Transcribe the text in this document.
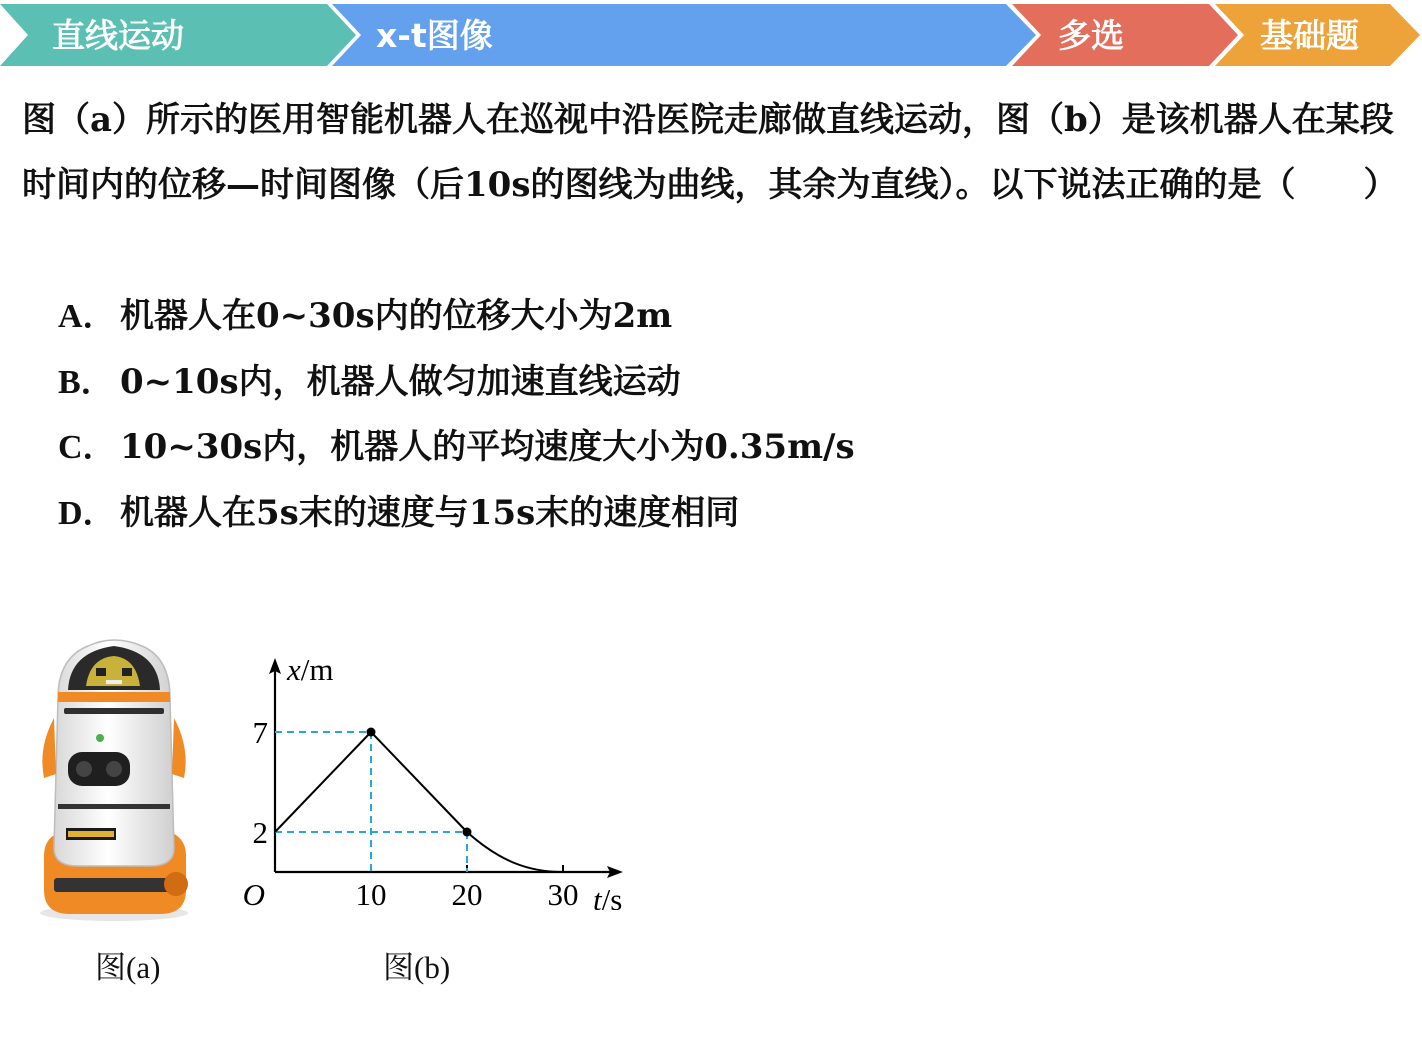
直线运动	x-t图像	多选	基础题
图（a）所示的医用智能机器人在巡视中沿医院走廊做直线运动，图（b）是该机器人在某段时间内的位移—时间图像（后10s的图线为曲线，其余为直线）。以下说法正确的是（　　）
A． 机器人在0~30s内的位移大小为2m
B． 0~10s内，机器人做匀加速直线运动
C． 10~30s内，机器人的平均速度大小为0.35m/s
D． 机器人在5s末的速度与15s末的速度相同
图(a)
10 20 30
2
7
O
x/m
t/s
图(b)
